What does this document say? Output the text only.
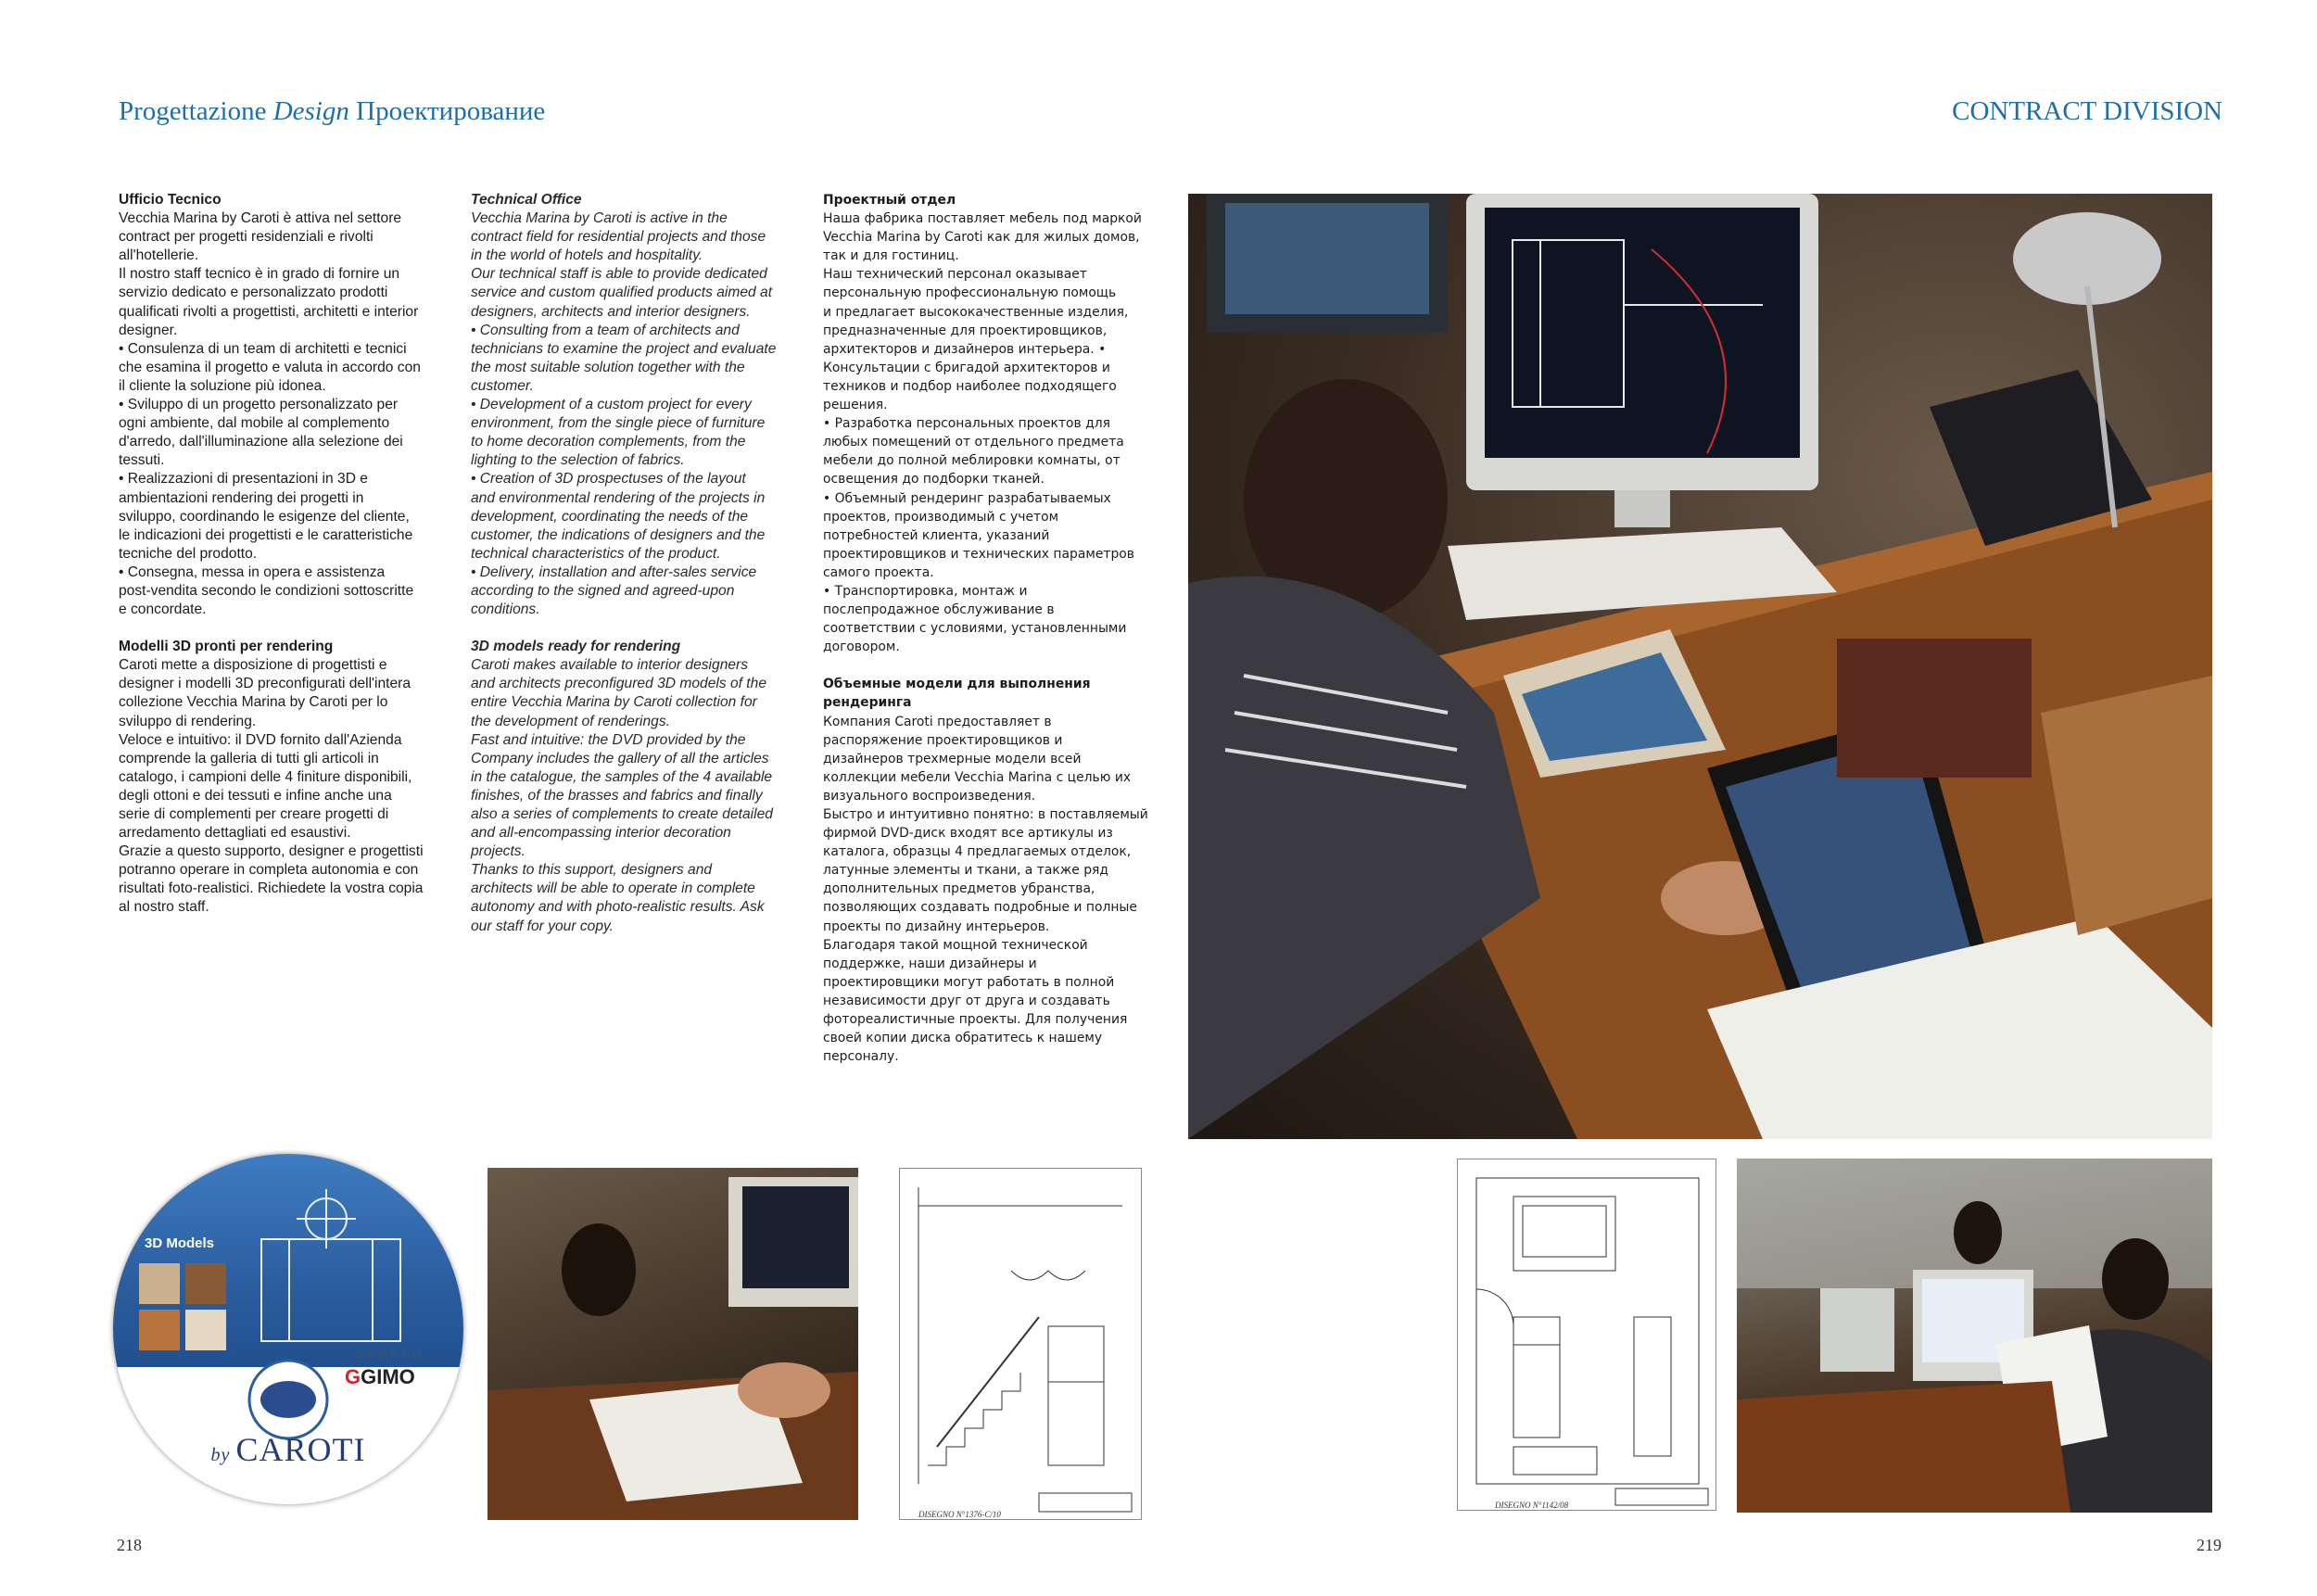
Progettazione Design Проектирование	CONTRACT DIVISION

Ufficio Tecnico

Vecchia Marina by Caroti è attiva nel settore
contract per progetti residenziali e rivolti
all'hotellerie.
Il nostro staff tecnico è in grado di fornire un
servizio dedicato e personalizzato prodotti
qualificati rivolti a progettisti, architetti e interior
designer.
• Consulenza di un team di architetti e tecnici
che esamina il progetto e valuta in accordo con
il cliente la soluzione più idonea.
• Sviluppo di un progetto personalizzato per
ogni ambiente, dal mobile al complemento
d'arredo, dall'illuminazione alla selezione dei
tessuti.
• Realizzazioni di presentazioni in 3D e
ambientazioni rendering dei progetti in
sviluppo, coordinando le esigenze del cliente,
le indicazioni dei progettisti e le caratteristiche
tecniche del prodotto.
• Consegna, messa in opera e assistenza
post-vendita secondo le condizioni sottoscritte
e concordate.

Modelli 3D pronti per rendering

Caroti mette a disposizione di progettisti e
designer i modelli 3D preconfigurati dell'intera
collezione Vecchia Marina by Caroti per lo
sviluppo di rendering.
Veloce e intuitivo: il DVD fornito dall'Azienda
comprende la galleria di tutti gli articoli in
catalogo, i campioni delle 4 finiture disponibili,
degli ottoni e dei tessuti e infine anche una
serie di complementi per creare progetti di
arredamento dettagliati ed esaustivi.
Grazie a questo supporto, designer e progettisti
potranno operare in completa autonomia e con
risultati foto-realistici. Richiedete la vostra copia
al nostro staff.

Technical Office

Vecchia Marina by Caroti is active in the
contract field for residential projects and those
in the world of hotels and hospitality.
Our technical staff is able to provide dedicated
service and custom qualified products aimed at
designers, architects and interior designers.
• Consulting from a team of architects and
technicians to examine the project and evaluate
the most suitable solution together with the
customer.
• Development of a custom project for every
environment, from the single piece of furniture
to home decoration complements, from the
lighting to the selection of fabrics.
• Creation of 3D prospectuses of the layout
and environmental rendering of the projects in
development, coordinating the needs of the
customer, the indications of designers and the
technical characteristics of the product.
• Delivery, installation and after-sales service
according to the signed and agreed-upon
conditions.

3D models ready for rendering

Caroti makes available to interior designers
and architects preconfigured 3D models of the
entire Vecchia Marina by Caroti collection for
the development of renderings.
Fast and intuitive: the DVD provided by the
Company includes the gallery of all the articles
in the catalogue, the samples of the 4 available
finishes, of the brasses and fabrics and finally
also a series of complements to create detailed
and all-encompassing interior decoration
projects.
Thanks to this support, designers and
architects will be able to operate in complete
autonomy and with photo-realistic results. Ask
our staff for your copy.

Проектный отдел

Наша фабрика поставляет мебель под маркой
Vecchia Marina by Caroti как для жилых домов,
так и для гостиниц.
Наш технический персонал оказывает
персональную профессиональную помощь
и предлагает высококачественные изделия,
предназначенные для проектировщиков,
архитекторов и дизайнеров интерьера. •
Консультации с бригадой архитекторов и
техников и подбор наиболее подходящего
решения.
• Разработка персональных проектов для
любых помещений от отдельного предмета
мебели до полной меблировки комнаты, от
освещения до подборки тканей.
• Объемный рендеринг разрабатываемых
проектов, производимый с учетом
потребностей клиента, указаний
проектировщиков и технических параметров
самого проекта.
• Транспортировка, монтаж и
послепродажное обслуживание в
соответствии с условиями, установленными
договором.

Объемные модели для выполнения

рендеринга

Компания Caroti предоставляет в
распоряжение проектировщиков и
дизайнеров трехмерные модели всей
коллекции мебели Vecchia Marina с целью их
визуального воспроизведения.
Быстро и интуитивно понятно: в поставляемый
фирмой DVD-диск входят все артикулы из
каталога, образцы 4 предлагаемых отделок,
латунные элементы и ткани, а также ряд
дополнительных предметов убранства,
позволяющих создавать подробные и полные
проекты по дизайну интерьеров.
Благодаря такой мощной технической
поддержке, наши дизайнеры и
проектировщики могут работать в полной
независимости друг от друга и создавать
фотореалистичные проекты. Для получения
своей копии диска обратитесь к нашему
персоналу.
3D Models
GRUPPO
GGIMO
by CAROTI
DISEGNO N°1376-C/10
DISEGNO N°1142/08
218	219
